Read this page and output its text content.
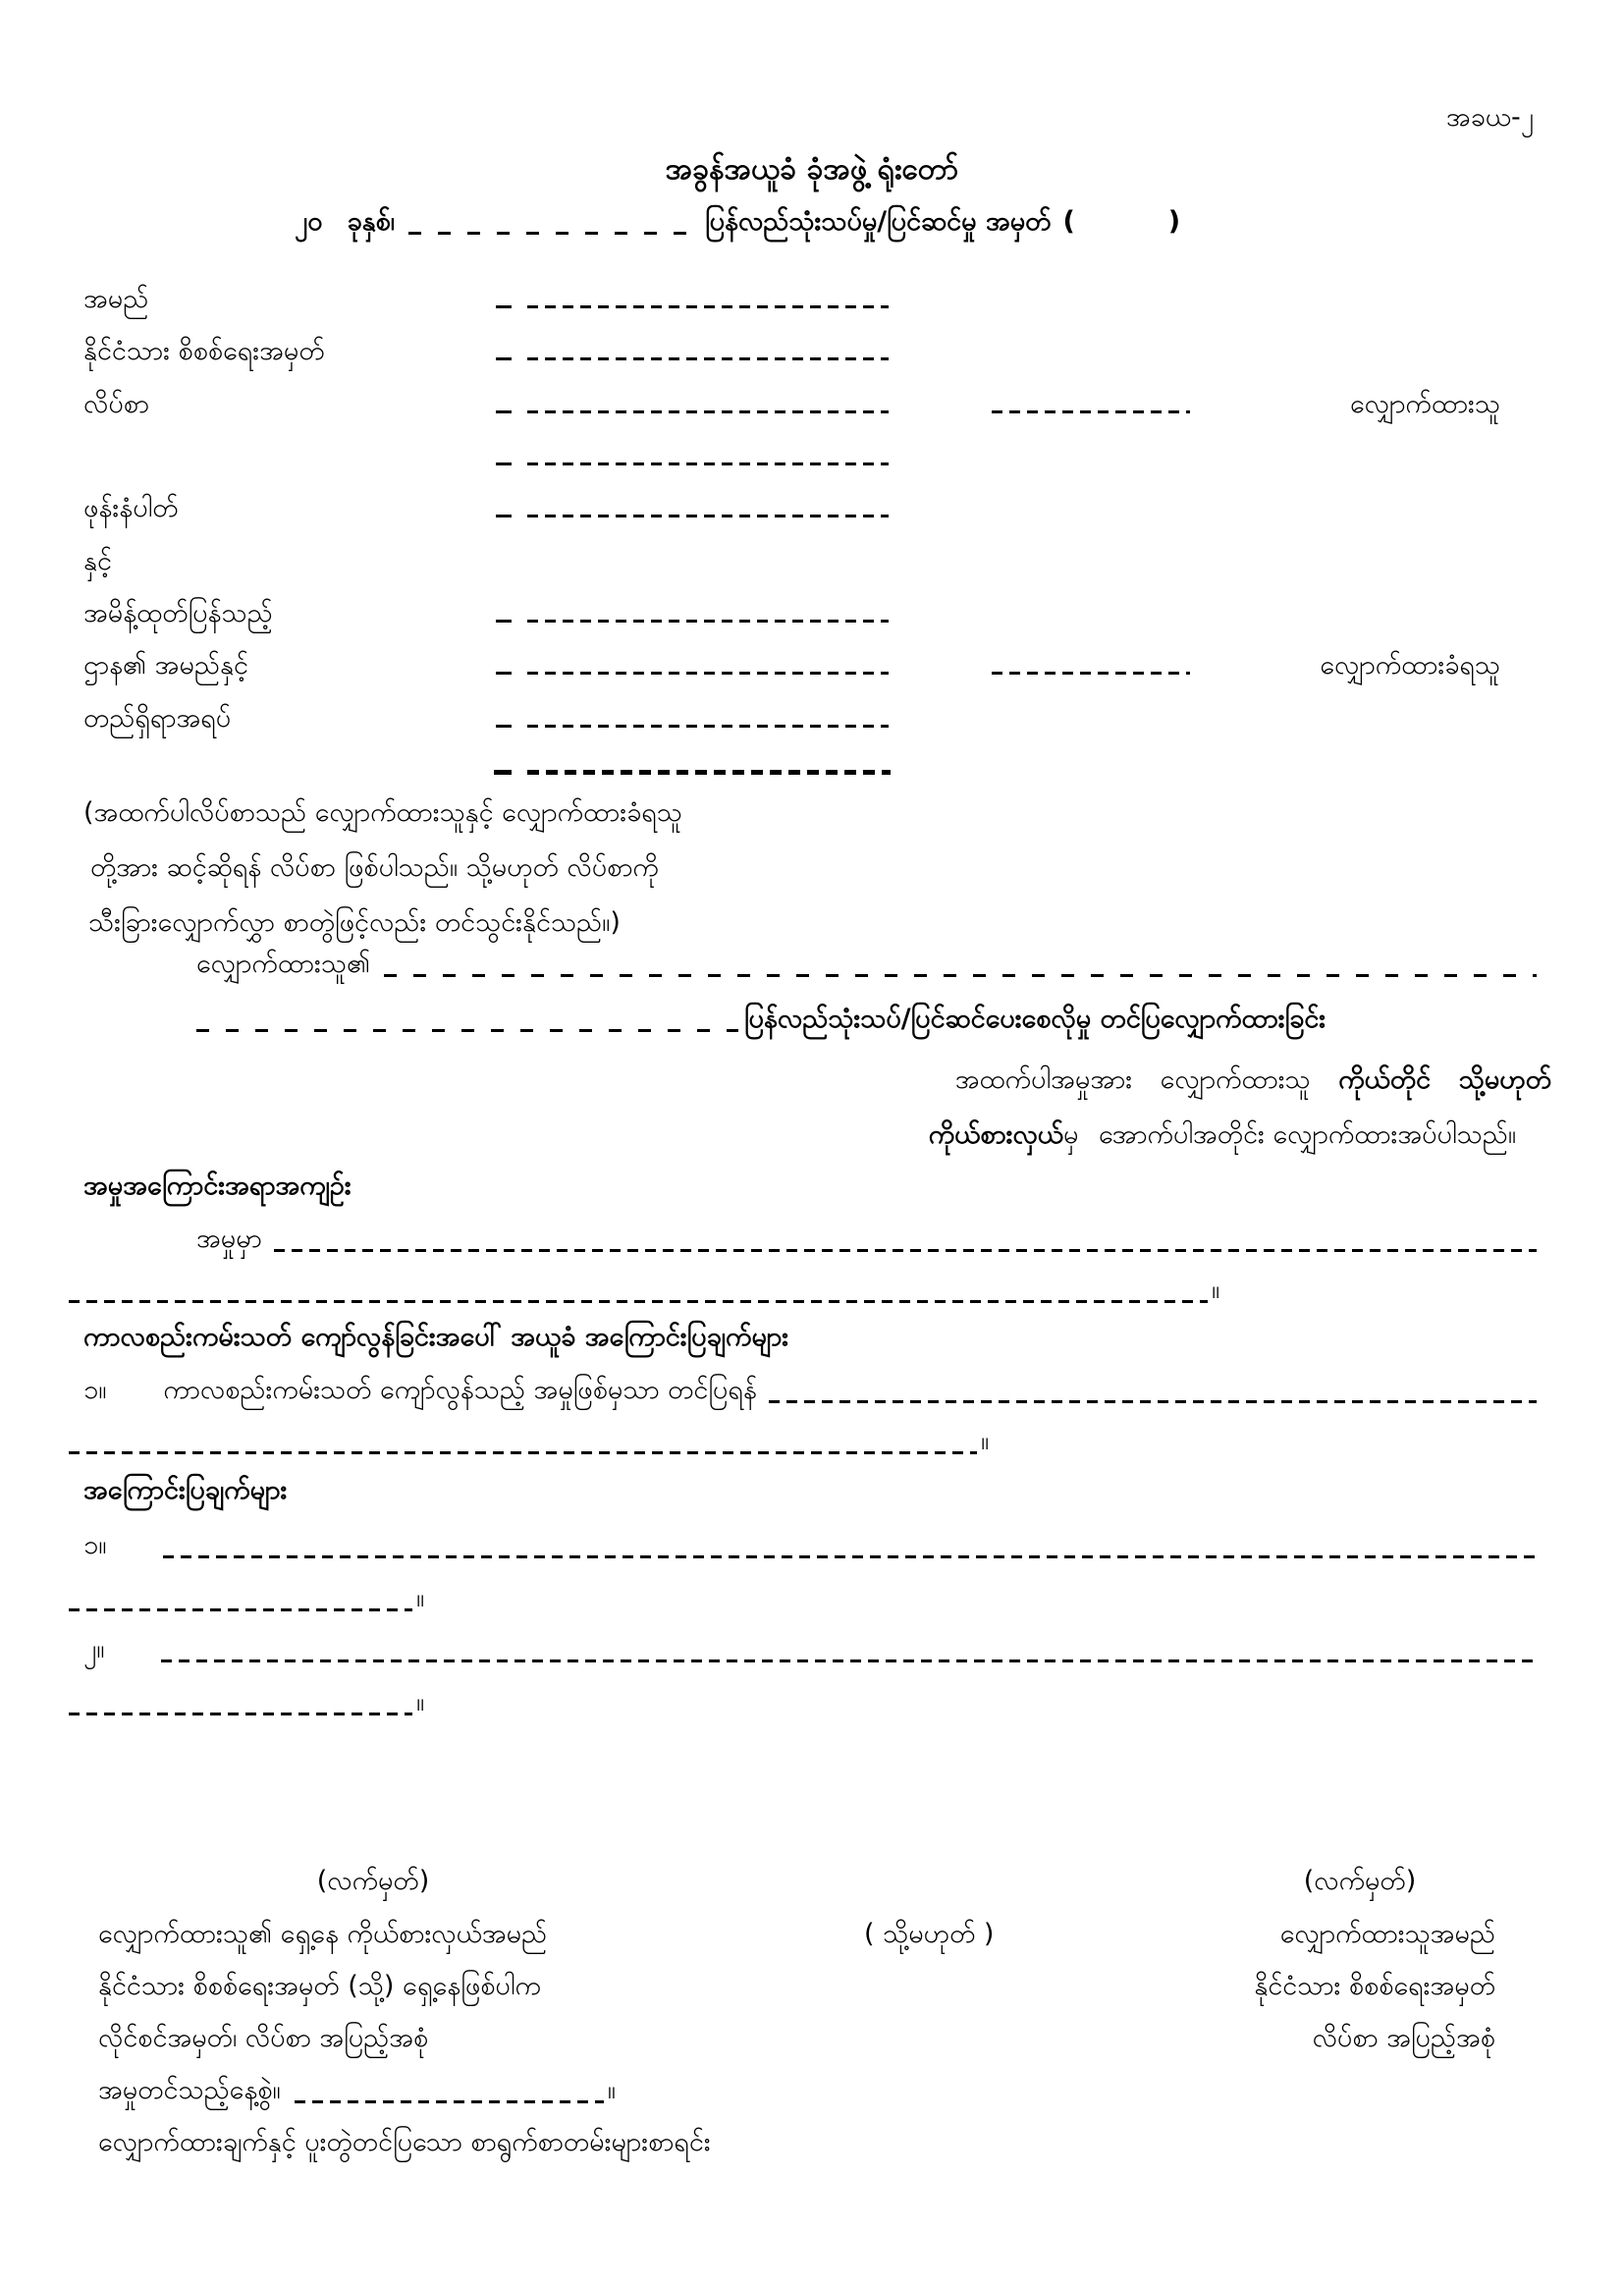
အခယ-၂
အခွန်အယူခံ ခုံအဖွဲ့ ရုံးတော်
၂၀ ခုနှစ်၊	ပြန်လည်သုံးသပ်မှု/ပြင်ဆင်မှု အမှတ် (	)
အမည်
နိုင်ငံသား စိစစ်ရေးအမှတ်
လိပ်စာ	လျှောက်ထားသူ
ဖုန်းနံပါတ်
နှင့်
အမိန့်ထုတ်ပြန်သည့်
ဌာန၏ အမည်နှင့်	လျှောက်ထားခံရသူ
တည်ရှိရာအရပ်
(အထက်ပါလိပ်စာသည် လျှောက်ထားသူနှင့် လျှောက်ထားခံရသူ
တို့အား ဆင့်ဆိုရန် လိပ်စာ ဖြစ်ပါသည်။ သို့မဟုတ် လိပ်စာကို
သီးခြားလျှောက်လွှာ စာတွဲဖြင့်လည်း တင်သွင်းနိုင်သည်။)
လျှောက်ထားသူ၏
ပြန်လည်သုံးသပ်/ပြင်ဆင်ပေးစေလိုမှု တင်ပြလျှောက်ထားခြင်း
အထက်ပါအမှုအား လျှောက်ထားသူ ကိုယ်တိုင် သို့မဟုတ်
ကိုယ်စားလှယ်မှ အောက်ပါအတိုင်း လျှောက်ထားအပ်ပါသည်။
အမှုအကြောင်းအရာအကျဉ်း
အမှုမှာ
။
ကာလစည်းကမ်းသတ် ကျော်လွန်ခြင်းအပေါ် အယူခံ အကြောင်းပြချက်များ
၁။ ကာလစည်းကမ်းသတ် ကျော်လွန်သည့် အမှုဖြစ်မှသာ တင်ပြရန်
။
အကြောင်းပြချက်များ
၁။
။
၂။
။
(လက်မှတ်)	(လက်မှတ်)
လျှောက်ထားသူ၏ ရှေ့နေ ကိုယ်စားလှယ်အမည်	( သို့မဟုတ် )	လျှောက်ထားသူအမည်
နိုင်ငံသား စိစစ်ရေးအမှတ် (သို့) ရှေ့နေဖြစ်ပါက	နိုင်ငံသား စိစစ်ရေးအမှတ်
လိုင်စင်အမှတ်၊ လိပ်စာ အပြည့်အစုံ	လိပ်စာ အပြည့်အစုံ
အမှုတင်သည့်နေ့စွဲ။	။
လျှောက်ထားချက်နှင့် ပူးတွဲတင်ပြသော စာရွက်စာတမ်းများစာရင်း
